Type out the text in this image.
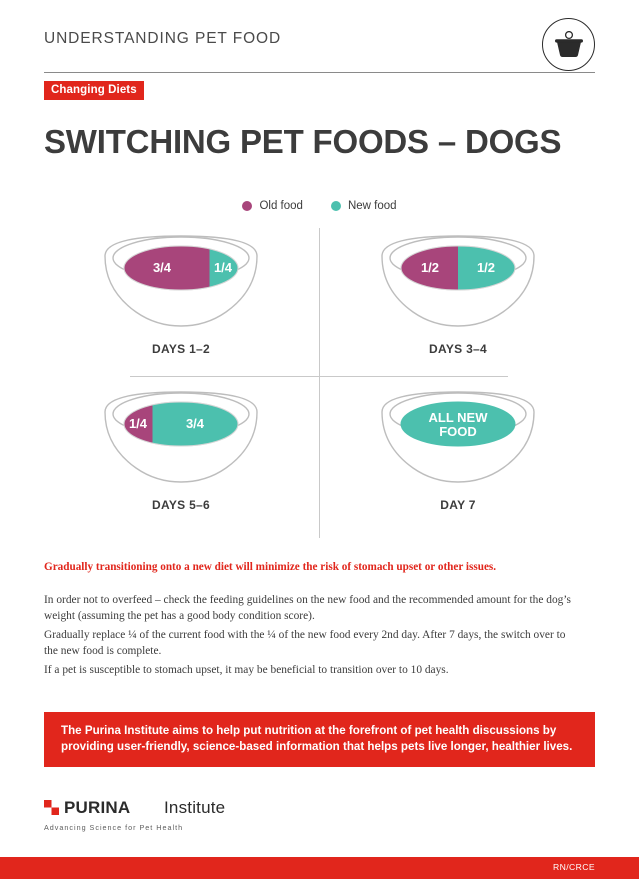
UNDERSTANDING PET FOOD
Changing Diets
SWITCHING PET FOODS – DOGS
Old food	New food
3/4	1/4
DAYS 1–2
1/2	1/2
DAYS 3–4
1/4	3/4
DAYS 5–6
ALL NEW FOOD
DAY 7
Gradually transitioning onto a new diet will minimize the risk of stomach upset or other issues.
In order not to overfeed – check the feeding guidelines on the new food and the recommended amount for the dog’s weight (assuming the pet has a good body condition score).
Gradually replace ¼ of the current food with the ¼ of the new food every 2nd day. After 7 days, the switch over to the new food is complete.
If a pet is susceptible to stomach upset, it may be beneficial to transition over to 10 days.
The Purina Institute aims to help put nutrition at the forefront of pet health discussions by providing user-friendly, science-based information that helps pets live longer, healthier lives.
PURINA Institute
Advancing Science for Pet Health
RN/CRCE
